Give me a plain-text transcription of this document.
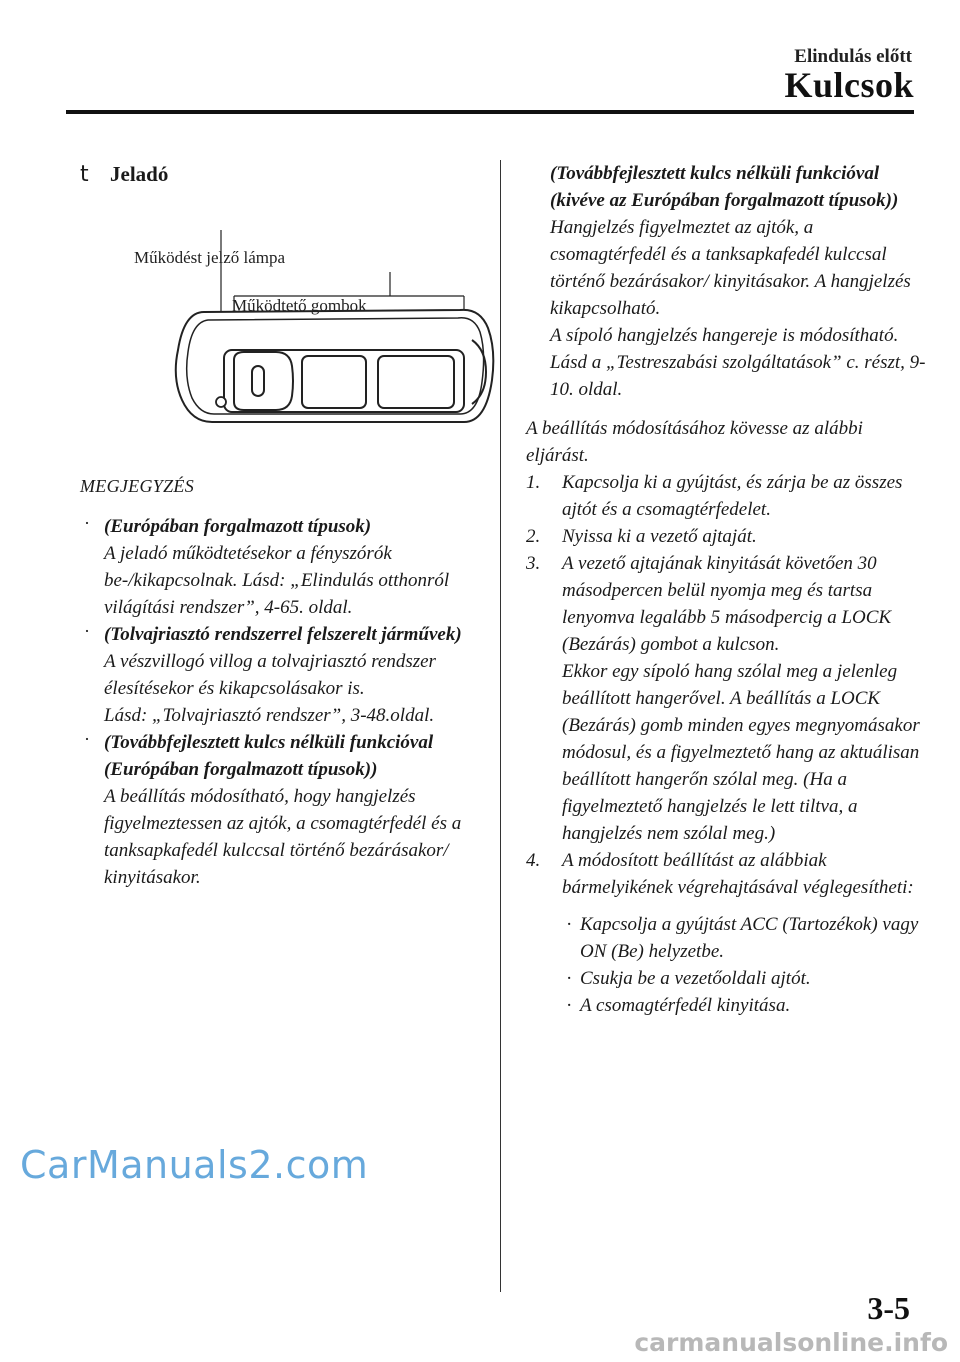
Elindulás előtt
Kulcsok
t Jeladó
Működést jelző lámpa
Működtető gombok
MEGJEGYZÉS
· (Európában forgalmazott típusok)
A jeladó működtetésekor a fényszórók be-/kikapcsolnak. Lásd: „Elindulás otthonról világítási rendszer”, 4-65. oldal.
· (Tolvajriasztó rendszerrel felszerelt járművek)
A vészvillogó villog a tolvajriasztó rendszer élesítésekor és kikapcsolásakor is.
Lásd: „Tolvajriasztó rendszer”, 3-48.oldal.
· (Továbbfejlesztett kulcs nélküli funkcióval (Európában forgalmazott típusok))
A beállítás módosítható, hogy hangjelzés figyelmeztessen az ajtók, a csomagtérfedél és a tanksapkafedél kulccsal történő bezárásakor/ kinyitásakor.
(Továbbfejlesztett kulcs nélküli funkcióval (kivéve az Európában forgalmazott típusok))
Hangjelzés figyelmeztet az ajtók, a csomagtérfedél és a tanksapkafedél kulccsal történő bezárásakor/ kinyitásakor. A hangjelzés kikapcsolható.
A sípoló hangjelzés hangereje is módosítható.
Lásd a „Testreszabási szolgáltatások” c. részt, 9-10. oldal.
A beállítás módosításához kövesse az alábbi eljárást.
1. Kapcsolja ki a gyújtást, és zárja be az összes ajtót és a csomagtérfedelet.
2. Nyissa ki a vezető ajtaját.
3. A vezető ajtajának kinyitását követően 30 másodpercen belül nyomja meg és tartsa lenyomva legalább 5 másodpercig a LOCK (Bezárás) gombot a kulcson.
Ekkor egy sípoló hang szólal meg a jelenleg beállított hangerővel. A beállítás a LOCK (Bezárás) gomb minden egyes megnyomásakor módosul, és a figyelmeztető hang az aktuálisan beállított hangerőn szólal meg. (Ha a figyelmeztető hangjelzés le lett tiltva, a hangjelzés nem szólal meg.)
4. A módosított beállítást az alábbiak bármelyikének végrehajtásával véglegesítheti:
· Kapcsolja a gyújtást ACC (Tartozékok) vagy ON (Be) helyzetbe.
· Csukja be a vezetőoldali ajtót.
· A csomagtérfedél kinyitása.
CarManuals2.com
3-5
carmanualsonline.info
